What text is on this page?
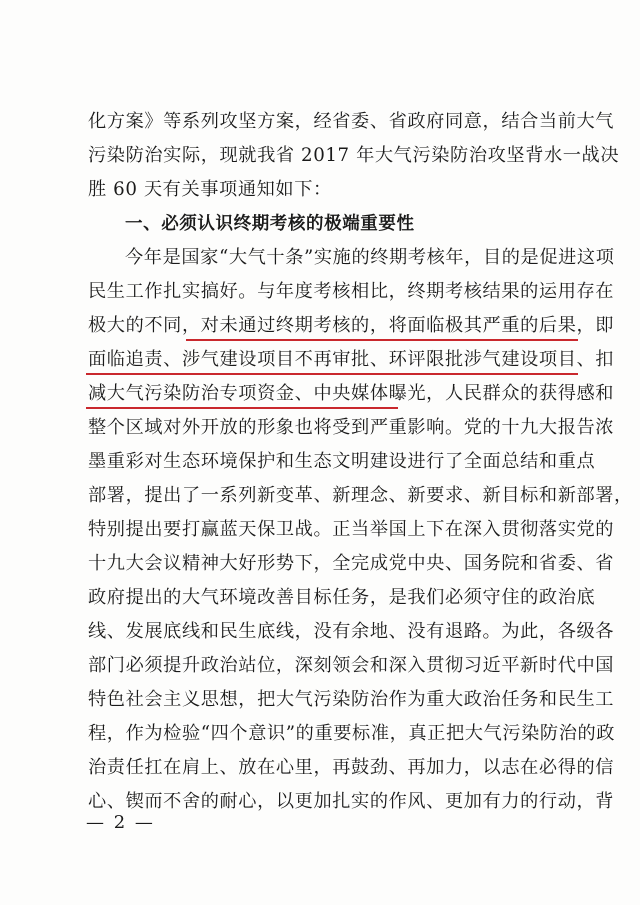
化方案》等系列攻坚方案，经省委、省政府同意，结合当前大气
污染防治实际，现就我省 2017 年大气污染防治攻坚背水一战决
胜 60 天有关事项通知如下：
一、必须认识终期考核的极端重要性
今年是国家“大气十条”实施的终期考核年，目的是促进这项
民生工作扎实搞好。与年度考核相比，终期考核结果的运用存在
极大的不同，对未通过终期考核的，将面临极其严重的后果，即
面临追责、涉气建设项目不再审批、环评限批涉气建设项目、扣
减大气污染防治专项资金、中央媒体曝光，人民群众的获得感和
整个区域对外开放的形象也将受到严重影响。党的十九大报告浓
墨重彩对生态环境保护和生态文明建设进行了全面总结和重点
部署，提出了一系列新变革、新理念、新要求、新目标和新部署，
特别提出要打赢蓝天保卫战。正当举国上下在深入贯彻落实党的
十九大会议精神大好形势下，全完成党中央、国务院和省委、省
政府提出的大气环境改善目标任务，是我们必须守住的政治底
线、发展底线和民生底线，没有余地、没有退路。为此，各级各
部门必须提升政治站位，深刻领会和深入贯彻习近平新时代中国
特色社会主义思想，把大气污染防治作为重大政治任务和民生工
程，作为检验“四个意识”的重要标准，真正把大气污染防治的政
治责任扛在肩上、放在心里，再鼓劲、再加力，以志在必得的信
心、锲而不舍的耐心，以更加扎实的作风、更加有力的行动，背
— 2 —
